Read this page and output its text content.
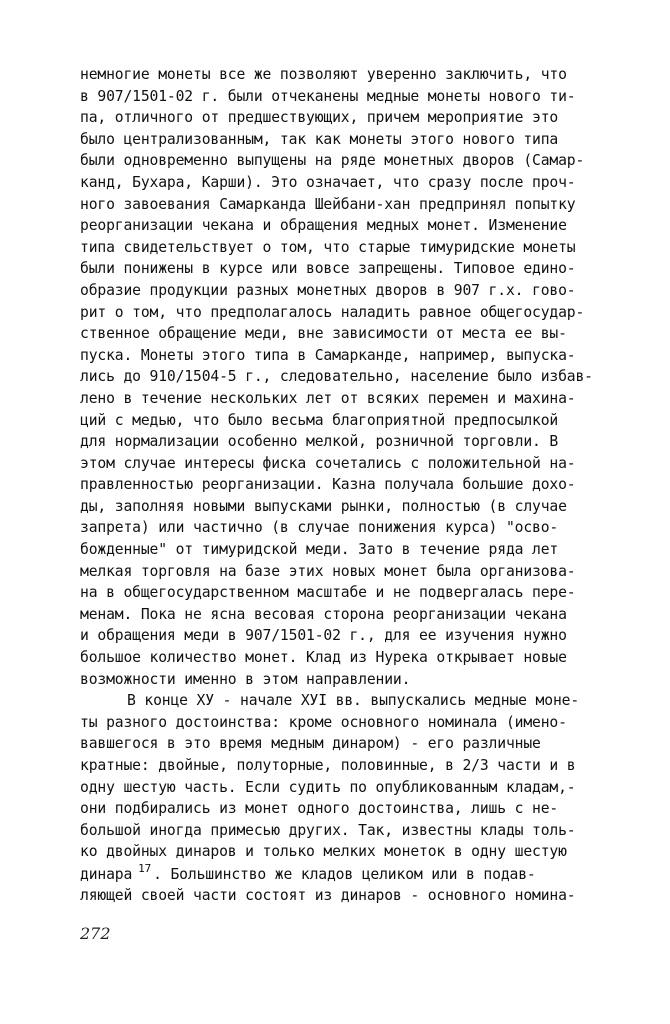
немногие монеты все же позволяют уверенно заключить, что
в 907/1501-02 г. были отчеканены медные монеты нового ти-
па, отличного от предшествующих, причем мероприятие это
было централизованным, так как монеты этого нового типа
были одновременно выпущены на ряде монетных дворов (Самар-
канд, Бухара, Карши). Это означает, что сразу после проч-
ного завоевания Самарканда Шейбани-хан предпринял попытку
реорганизации чекана и обращения медных монет. Изменение
типа свидетельствует о том, что старые тимуридские монеты
были понижены в курсе или вовсе запрещены. Типовое едино-
образие продукции разных монетных дворов в 907 г.х. гово-
рит о том, что предполагалось наладить равное общегосудар-
ственное обращение меди, вне зависимости от места ее вы-
пуска. Монеты этого типа в Самарканде, например, выпуска-
лись до 910/1504-5 г., следовательно, население было избав-
лено в течение нескольких лет от всяких перемен и махина-
ций с медью, что было весьма благоприятной предпосылкой
для нормализации особенно мелкой, розничной торговли. В
этом случае интересы фиска сочетались с положительной на-
правленностью реорганизации. Казна получала большие дохо-
ды, заполняя новыми выпусками рынки, полностью (в случае
запрета) или частично (в случае понижения курса) "осво-
божденные" от тимуридской меди. Зато в течение ряда лет
мелкая торговля на базе этих новых монет была организова-
на в общегосударственном масштабе и не подвергалась пере-
менам. Пока не ясна весовая сторона реорганизации чекана
и обращения меди в 907/1501-02 г., для ее изучения нужно
большое количество монет. Клад из Нурека открывает новые
возможности именно в этом направлении.
В конце ХУ - начале ХУI вв. выпускались медные моне-
ты разного достоинства: кроме основного номинала (имено-
вавшегося в это время медным динаром) - его различные
кратные: двойные, полуторные, половинные, в 2/3 части и в
одну шестую часть. Если судить по опубликованным кладам,-
они подбирались из монет одного достоинства, лишь с не-
большой иногда примесью других. Так, известны клады толь-
ко двойных динаров и только мелких монеток в одну шестую
динара 17 . Большинство же кладов целиком или в подав-
ляющей своей части состоят из динаров - основного номина-
272
